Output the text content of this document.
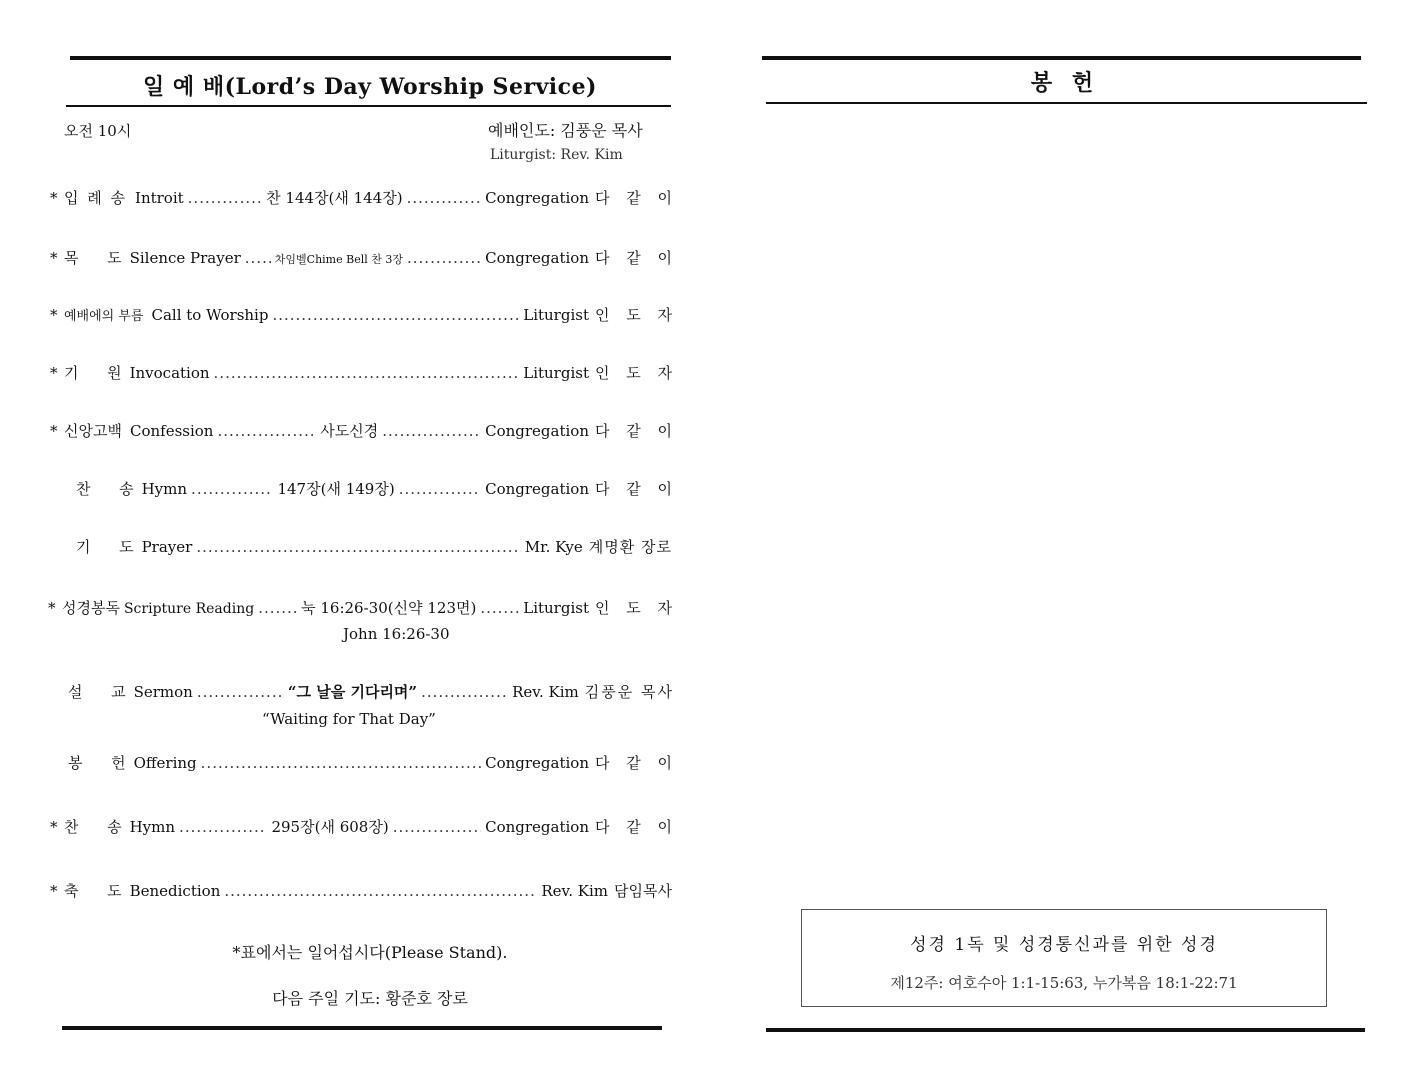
일 예 배(Lord’s Day Worship Service)
오전 10시	예배인도: 김풍운 목사
Liturgist: Rev. Kim
* 입 례 송 Introit .....	찬 144장(새 144장) .....	Congregation 다 같 이
* 목      도 Silence Prayer .....	차임벨Chime Bell 찬 3장 .....	Congregation 다 같 이
* 예배에의 부름 Call to Worship .....	Liturgist 인 도 자
* 기      원 Invocation .....	Liturgist 인 도 자
* 신앙고백 Confession .....	사도신경 .....	Congregation 다 같 이
찬      송 Hymn .....	147장(새 149장) .....	Congregation 다 같 이
기      도 Prayer .....	Mr. Kye 계명환 장로
* 성경봉독 Scripture Reading .....	눅 16:26-30(신약 123면) .....	Liturgist 인 도 자
John 16:26-30
설      교 Sermon .....	“그 날을 기다리며” .....	Rev. Kim 김풍운 목사
“Waiting for That Day”
봉      헌 Offering .....	Congregation 다 같 이
* 찬      송 Hymn .....	295장(새 608장) .....	Congregation 다 같 이
* 축      도 Benediction .....	Rev. Kim 담임목사
*표에서는 일어섭시다(Please Stand).
다음 주일 기도: 황준호 장로
봉 헌
성경 1독 및 성경통신과를 위한 성경
제12주: 여호수아 1:1-15:63, 누가복음 18:1-22:71
